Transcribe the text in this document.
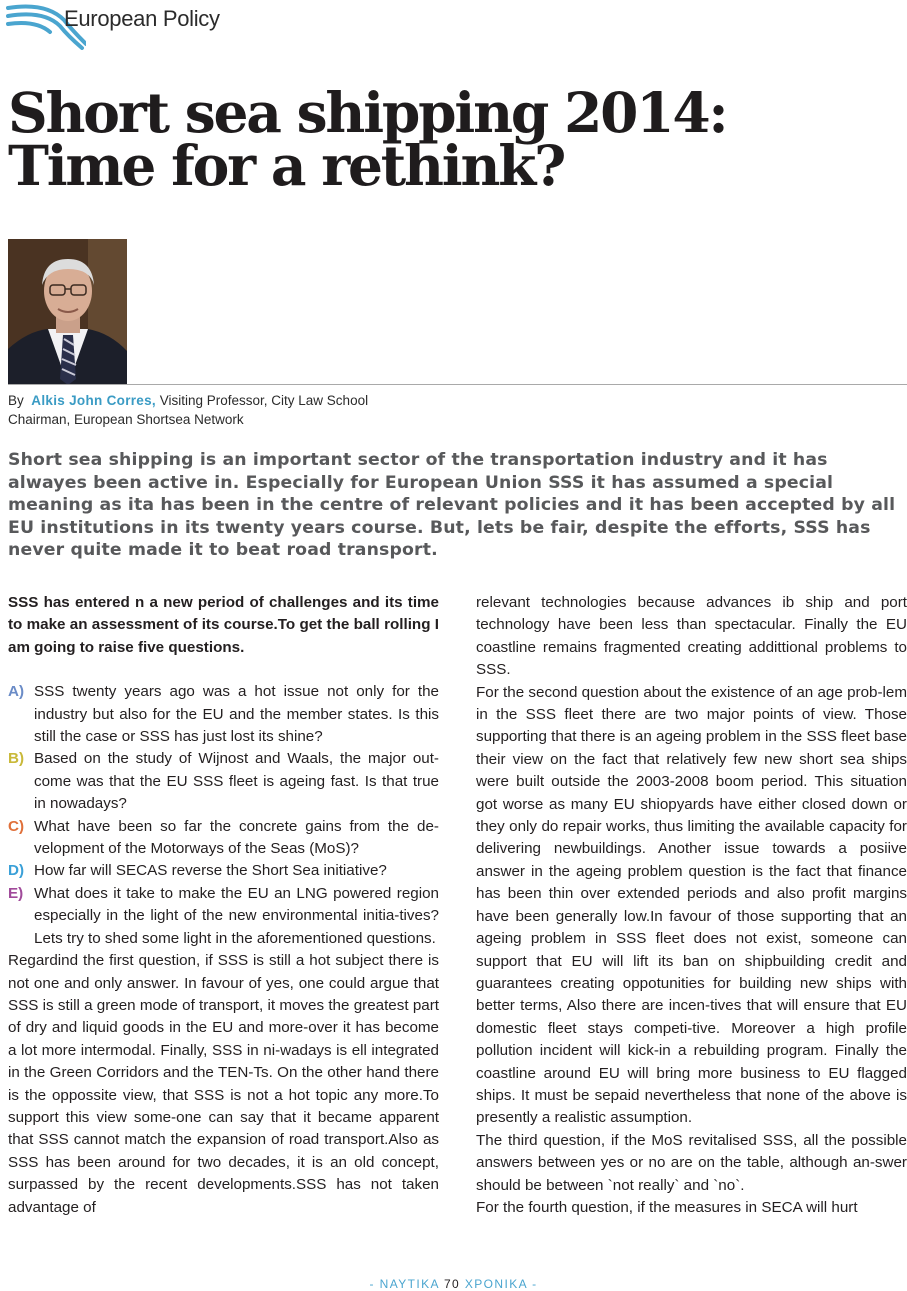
European Policy
Short sea shipping 2014:
Time for a rethink?
By Alkis John Corres, Visiting Professor, City Law School
Chairman, European Shortsea Network

Short sea shipping is an important sector of the transportation industry and it has alwayes been active in. Especially for European Union SSS it has assumed a special meaning as ita has been in the centre of relevant policies and it has been accepted by all EU institutions in its twenty years course. But, lets be fair, despite the efforts, SSS has never quite made it to beat road transport.

SSS has entered n a new period of challenges and its time to make an assessment of its course.To get the ball rolling I am going to raise five questions.

A) SSS twenty years ago was a hot issue not only for the industry but also for the EU and the member states. Is this still the case or SSS has just lost its shine?

B) Based on the study of Wijnost and Waals, the major out-come was that the EU SSS fleet is ageing fast. Is that true in nowadays?

C) What have been so far the concrete gains from the de-velopment of the Motorways of the Seas (MoS)?

D) How far will SECAS reverse the Short Sea initiative?

E) What does it take to make the EU an LNG powered region especially in the light of the new environmental initia-tives? Lets try to shed some light in the aforementioned questions.

Regardind the first question, if SSS is still a hot subject there is not one and only answer. In favour of yes, one could argue that SSS is still a green mode of transport, it moves the greatest part of dry and liquid goods in the EU and more-over it has become a lot more intermodal. Finally, SSS in ni-wadays is ell integrated in the Green Corridors and the TEN-Ts. On the other hand there is the oppossite view, that SSS is not a hot topic any more.To support this view some-one can say that it became apparent that SSS cannot match the expansion of road transport.Also as SSS has been around for two decades, it is an old concept, surpassed by the recent developments.SSS has not taken advantage of

relevant technologies because advances ib ship and port technology have been less than spectacular. Finally the EU coastline remains fragmented creating addittional problems to SSS.

For the second question about the existence of an age prob-lem in the SSS fleet there are two major points of view. Those supporting that there is an ageing problem in the SSS fleet base their view on the fact that relatively few new short sea ships were built outside the 2003-2008 boom period. This situation got worse as many EU shiopyards have either closed down or they only do repair works, thus limiting the available capacity for delivering newbuildings. Another issue towards a posiive answer in the ageing problem question is the fact that finance has been thin over extended periods and also profit margins have been generally low.In favour of those supporting that an ageing problem in SSS fleet does not exist, someone can support that EU will lift its ban on shipbuilding credit and guarantees creating oppotunities for building new ships with better terms, Also there are incen-tives that will ensure that EU domestic fleet stays competi-tive. Moreover a high profile pollution incident will kick-in a rebuilding program. Finally the coastline around EU will bring more business to EU flagged ships. It must be sepaid nevertheless that none of the above is presently a realistic assumption.

The third question, if the MoS revitalised SSS, all the possible answers between yes or no are on the table, although an-swer should be between `not really` and `no`.

For the fourth question, if the measures in SECA will hurt

- ΝΑΥΤΙΚΑ 70 ΧΡΟΝΙΚΑ -
